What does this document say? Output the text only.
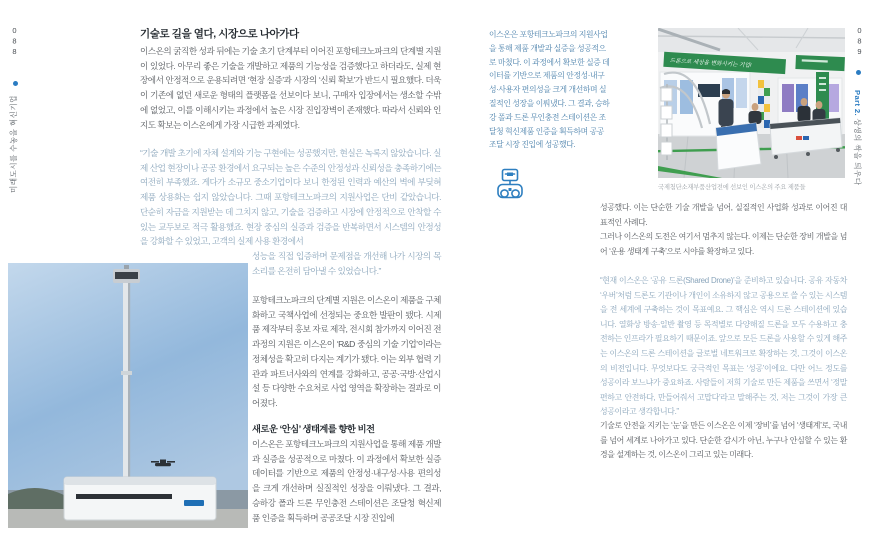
088
미래도시를 수놓을 혁신기업
기술로 길을 열다, 시장으로 나아가다
이스온의 굵직한 성과 뒤에는 기술 초기 단계부터 이어진 포항테크노파크의 단계별 지원이 있었다. 아무리 좋은 기술을 개발하고 제품의 기능성을 검증했다고 하더라도, 실제 현장에서 안정적으로 운용되려면 ‘현장 실증’과 시장의 ‘신뢰 확보’가 반드시 필요했다. 더욱이 기존에 없던 새로운 형태의 플랫폼을 선보이다 보니, 구매자 입장에서는 생소할 수밖에 없었고, 이를 이해시키는 과정에서 높은 시장 진입장벽이 존재했다. 따라서 신뢰와 인지도 확보는 이스온에게 가장 시급한 과제였다.
“기술 개발 초기에 자체 설계와 기능 구현에는 성공했지만, 현실은 녹록지 않았습니다. 실제 산업 현장이나 공공 환경에서 요구되는 높은 수준의 안정성과 신뢰성을 충족하기에는 여전히 부족했죠. 게다가 소규모 중소기업이다 보니 한정된 인력과 예산의 벽에 부딪혀 제품 상용화는 쉽지 않았습니다. 그때 포항테크노파크의 지원사업은 단비 같았습니다. 단순히 자금을 지원받는 데 그치지 않고, 기술을 검증하고 시장에 안정적으로 안착할 수 있는 교두보로 적극 활용했죠. 현장 중심의 실증과 검증을 반복하면서 시스템의 안정성을 강화할 수 있었고, 고객의 실제 사용 환경에서
성능을 직접 입증하며 문제점을 개선해 나가 시장의 목소리를 온전히 담아낼 수 있었습니다.”
포항테크노파크의 단계별 지원은 이스온이 제품을 구체화하고 국책사업에 선정되는 중요한 발판이 됐다. 시제품 제작부터 홍보 자료 제작, 전시회 참가까지 이어진 전 과정의 지원은 이스온이 ‘R&D 중심의 기술 기업’이라는 정체성을 확고히 다지는 계기가 됐다. 이는 외부 협력 기관과 파트너사와의 연계를 강화하고, 공공·국방·산업시설 등 다양한 수요처로 사업 영역을 확장하는 결과로 이어졌다.
새로운 ‘안심’ 생태계를 향한 비전
이스온은 포항테크노파크의 지원사업을 통해 제품 개발과 실증을 성공적으로 마쳤다. 이 과정에서 확보한 실증 데이터를 기반으로 제품의 안정성·내구성·사용 편의성을 크게 개선하며 실질적인 성장을 이뤄냈다. 그 결과, 승하강 폴과 드론 무인충전 스테이션은 조달청 혁신제품 인증을 획득하며 공공조달 시장 진입에
이스온은 포항테크노파크의 지원사업을 통해 제품 개발과 실증을 성공적으로 마쳤다. 이 과정에서 확보한 실증 데이터를 기반으로 제품의 안정성·내구성·사용자 편의성을 크게 개선하며 실질적인 성장을 이뤄냈다. 그 결과, 승하강 폴과 드론 무인충전 스테이션은 조달청 혁신제품 인증을 획득하며 공공조달 시장 진입에 성공했다.
드론으로 세상을 변화시키는 기업!
국제첨단소재부품산업전에 선보인 이스온의 주요 제품들
성공했다. 이는 단순한 기술 개발을 넘어, 실질적인 사업화 성과로 이어진 대표적인 사례다.
그러나 이스온의 도전은 여기서 멈추지 않는다. 이제는 단순한 장비 개발을 넘어 ‘운용 생태계 구축’으로 시야를 확장하고 있다.
“현재 이스온은 ‘공유 드론(Shared Drone)’을 준비하고 있습니다. 공유 자동차 ‘우버’처럼 드론도 기관이나 개인이 소유하지 않고 공용으로 쓸 수 있는 시스템을 전 세계에 구축하는 것이 목표예요. 그 핵심은 역시 드론 스테이션에 있습니다. 열화상 방송·일반 촬영 등 목적별로 다양해질 드론을 모두 수용하고 충전하는 인프라가 필요하기 때문이죠. 앞으로 모든 드론을 사용할 수 있게 해주는 이스온의 드론 스테이션을 글로벌 네트워크로 확장하는 것, 그것이 이스온의 비전입니다. 무엇보다도 궁극적인 목표는 ‘성공’이에요. 다만 어느 정도를 성공이라 보느냐가 중요하죠. 사람들이 저희 기술로 만든 제품을 쓰면서 ‘정말 편하고 안전하다, 만들어줘서 고맙다’라고 말해주는 것, 저는 그것이 가장 큰 성공이라고 생각합니다.”
기술로 안전을 지키는 ‘눈’을 만든 이스온은 이제 ‘장비’를 넘어 ‘생태계’로, 국내를 넘어 세계로 나아가고 있다. 단순한 감시가 아닌, 누구나 안심할 수 있는 환경을 설계하는 것, 이스온이 그리고 있는 미래다.
089
Part 2.상생의 싹을 틔우다
